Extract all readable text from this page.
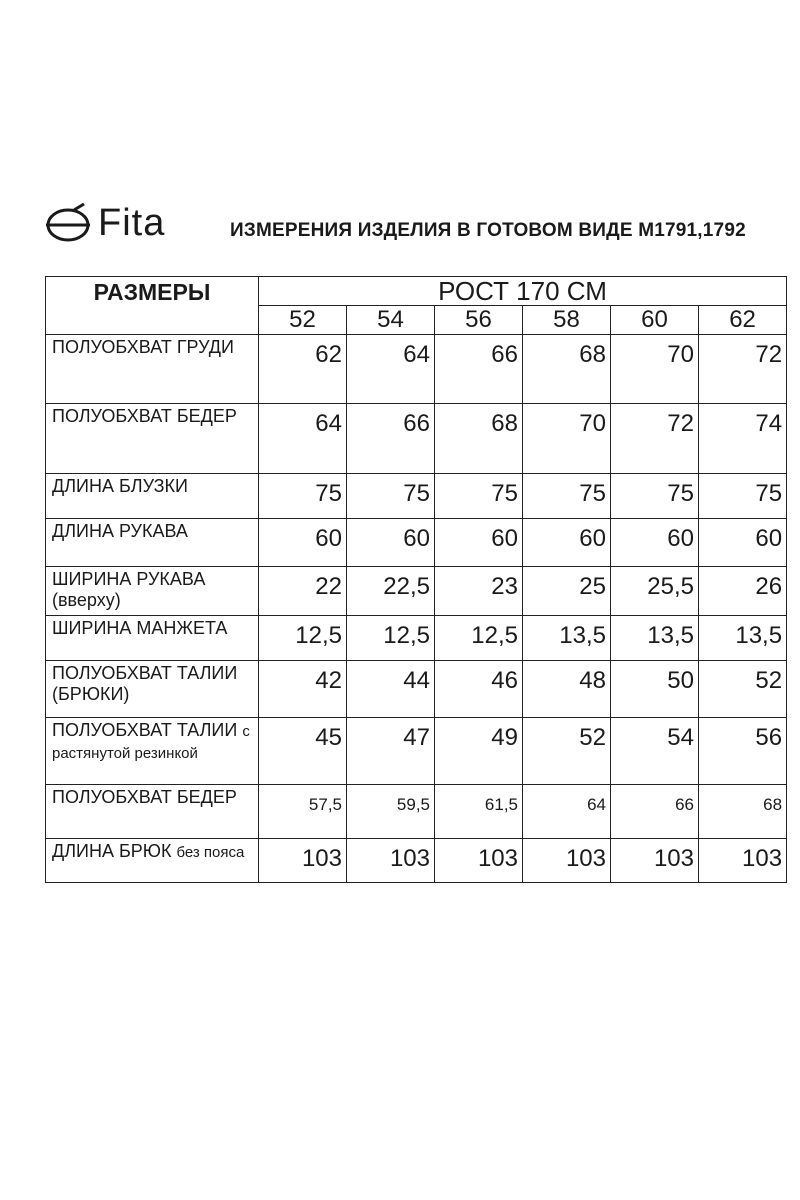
Fita	ИЗМЕРЕНИЯ ИЗДЕЛИЯ В ГОТОВОМ ВИДЕ М1791,1792
РАЗМЕРЫ	РОСТ 170 СМ					
	52	54	56	58	60	62
ПОЛУОБХВАТ ГРУДИ	62	64	66	68	70	72
ПОЛУОБХВАТ БЕДЕР	64	66	68	70	72	74
ДЛИНА БЛУЗКИ	75	75	75	75	75	75
ДЛИНА РУКАВА	60	60	60	60	60	60
ШИРИНА РУКАВА (вверху)	22	22,5	23	25	25,5	26
ШИРИНА МАНЖЕТА	12,5	12,5	12,5	13,5	13,5	13,5
ПОЛУОБХВАТ ТАЛИИ (БРЮКИ)	42	44	46	48	50	52
ПОЛУОБХВАТ ТАЛИИ с растянутой резинкой	45	47	49	52	54	56
ПОЛУОБХВАТ БЕДЕР	57,5	59,5	61,5	64	66	68
ДЛИНА БРЮК без пояса	103	103	103	103	103	103
